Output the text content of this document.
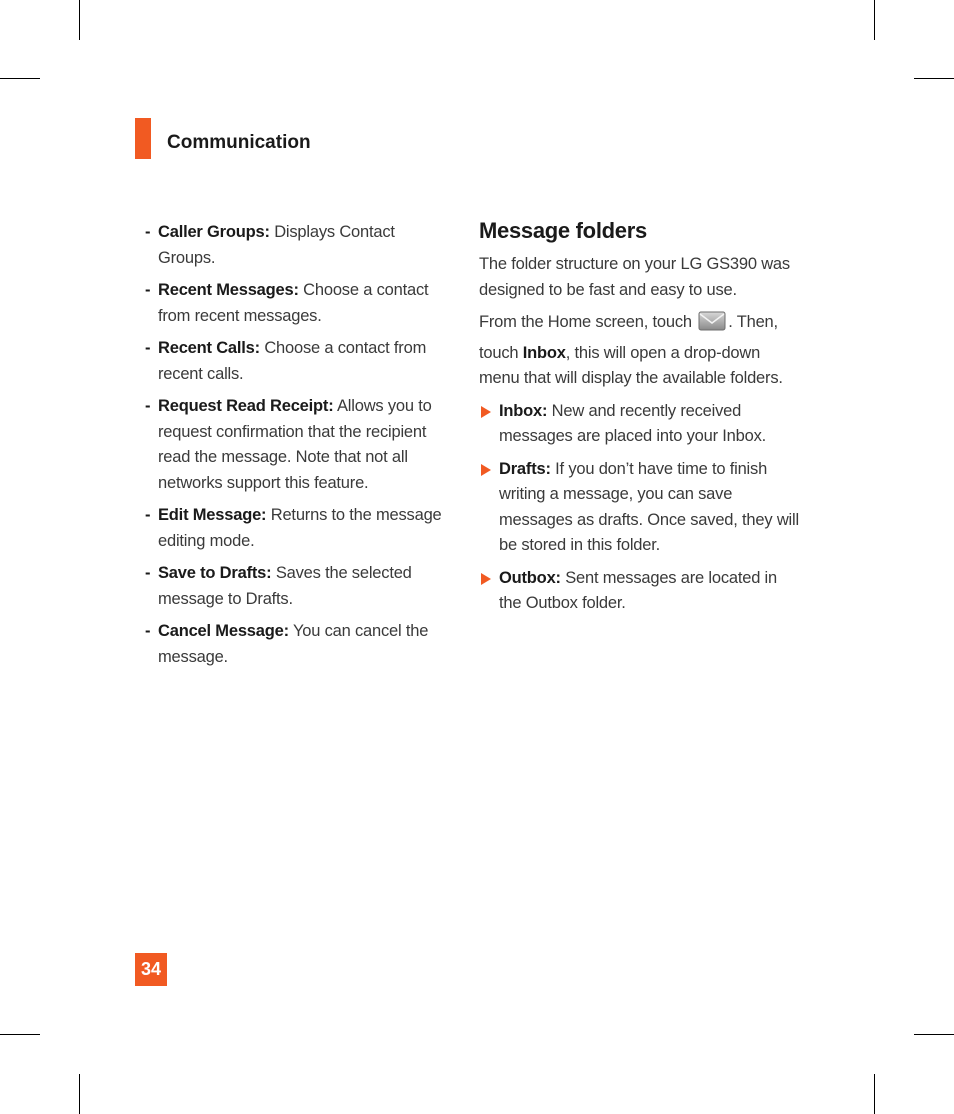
Communication
- Caller Groups: Displays Contact Groups.
- Recent Messages: Choose a contact from recent messages.
- Recent Calls: Choose a contact from recent calls.
- Request Read Receipt: Allows you to request confirmation that the recipient read the message. Note that not all networks support this feature.
- Edit Message: Returns to the message editing mode.
- Save to Drafts: Saves the selected message to Drafts.
- Cancel Message: You can cancel the message.
Message folders

The folder structure on your LG GS390 was designed to be fast and easy to use.

From the Home screen, touch . Then, touch Inbox, this will open a drop-down menu that will display the available folders.

Inbox: New and recently received messages are placed into your Inbox.
Drafts: If you don’t have time to finish writing a message, you can save messages as drafts. Once saved, they will be stored in this folder.
Outbox: Sent messages are located in the Outbox folder.
34
